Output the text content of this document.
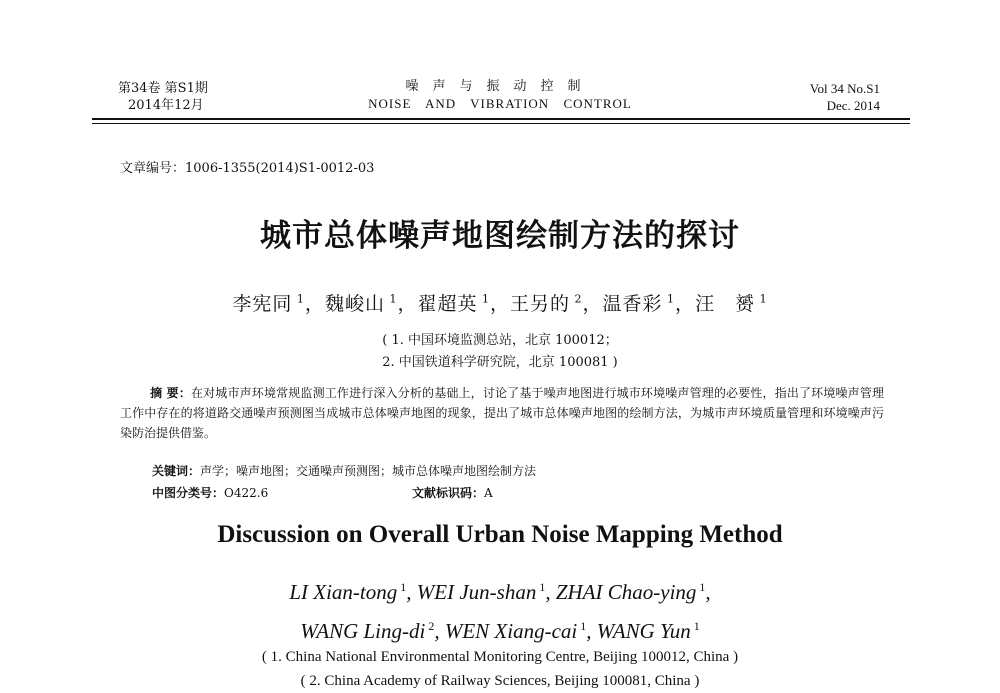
第34卷 第S1期
2014年12月
噪声与振动控制
NOISE AND VIBRATION CONTROL
Vol 34 No.S1
Dec. 2014
文章编号：1006-1355(2014)S1-0012-03
城市总体噪声地图绘制方法的探讨
李宪同 $^1$，魏峻山 $^1$，翟超英 $^1$，王另的 $^2$，温香彩 $^1$，汪　赟 $^1$
( 1. 中国环境监测总站，北京 100012；
2. 中国铁道科学研究院，北京 100081 )
摘 要：在对城市声环境常规监测工作进行深入分析的基础上，讨论了基于噪声地图进行城市环境噪声管理的必要性，指出了环境噪声管理工作中存在的将道路交通噪声预测图当成城市总体噪声地图的现象，提出了城市总体噪声地图的绘制方法，为城市声环境质量管理和环境噪声污染防治提供借鉴。
关键词：声学；噪声地图；交通噪声预测图；城市总体噪声地图绘制方法
中图分类号：O422.6	文献标识码：A
Discussion on Overall Urban Noise Mapping Method
LI Xian-tong $^1$, WEI Jun-shan $^1$, ZHAI Chao-ying $^1$,
WANG Ling-di $^2$, WEN Xiang-cai $^1$, WANG Yun $^1$
( 1. China National Environmental Monitoring Centre, Beijing 100012, China )
( 2. China Academy of Railway Sciences, Beijing 100081, China )
